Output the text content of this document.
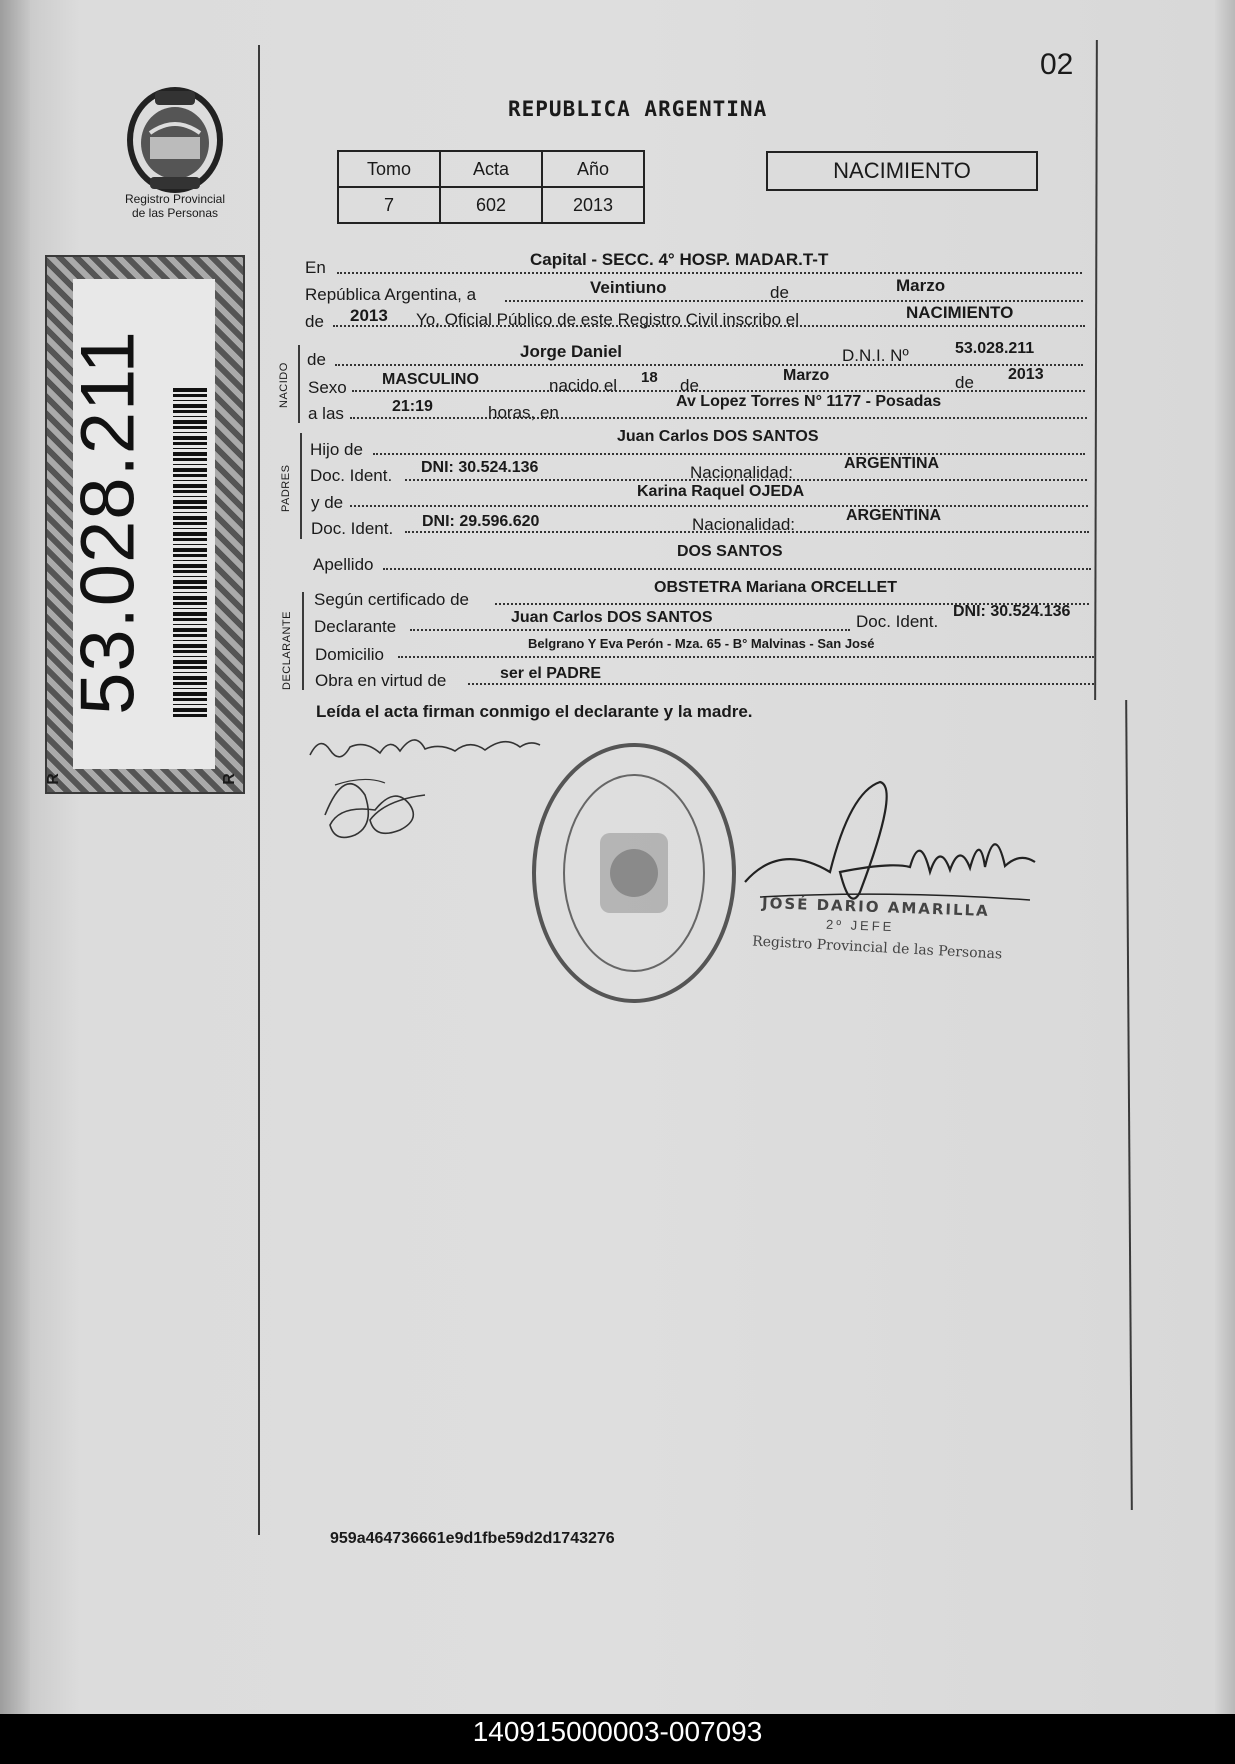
02
Registro Provincial
de las Personas
53.028.211
R	R
REPUBLICA ARGENTINA
Tomo	Acta	Año
7	602	2013
NACIMIENTO
En	Capital - SECC. 4° HOSP. MADAR.T-T
República Argentina, a	Veintiuno	de	Marzo
de 2013 Yo, Oficial Público de este Registro Civil inscribo el	NACIMIENTO
NACIDO
de	Jorge Daniel	D.N.I. Nº	53.028.211
Sexo MASCULINO	nacido el 18 de
Marzo	de 2013
a las	21:19	horas, en
Av Lopez Torres N° 1177 - Posadas
PADRES
Hijo de
Juan Carlos DOS SANTOS
Doc. Ident. DNI: 30.524.136	Nacionalidad:	ARGENTINA
y de
Karina Raquel OJEDA
Doc. Ident. DNI: 29.596.620	Nacionalidad:	ARGENTINA
Apellido
DOS SANTOS
DECLARANTE
Según certificado de
OBSTETRA Mariana ORCELLET
Declarante	Juan Carlos DOS SANTOS	Doc. Ident.
DNI: 30.524.136
Domicilio
Belgrano Y Eva Perón - Mza. 65 - B° Malvinas - San José
Obra en virtud de	ser el PADRE
Leída el acta firman conmigo el declarante y la madre.
JOSÉ DARIO AMARILLA
2º JEFE
Registro Provincial de las Personas
959a464736661e9d1fbe59d2d1743276
140915000003-007093
